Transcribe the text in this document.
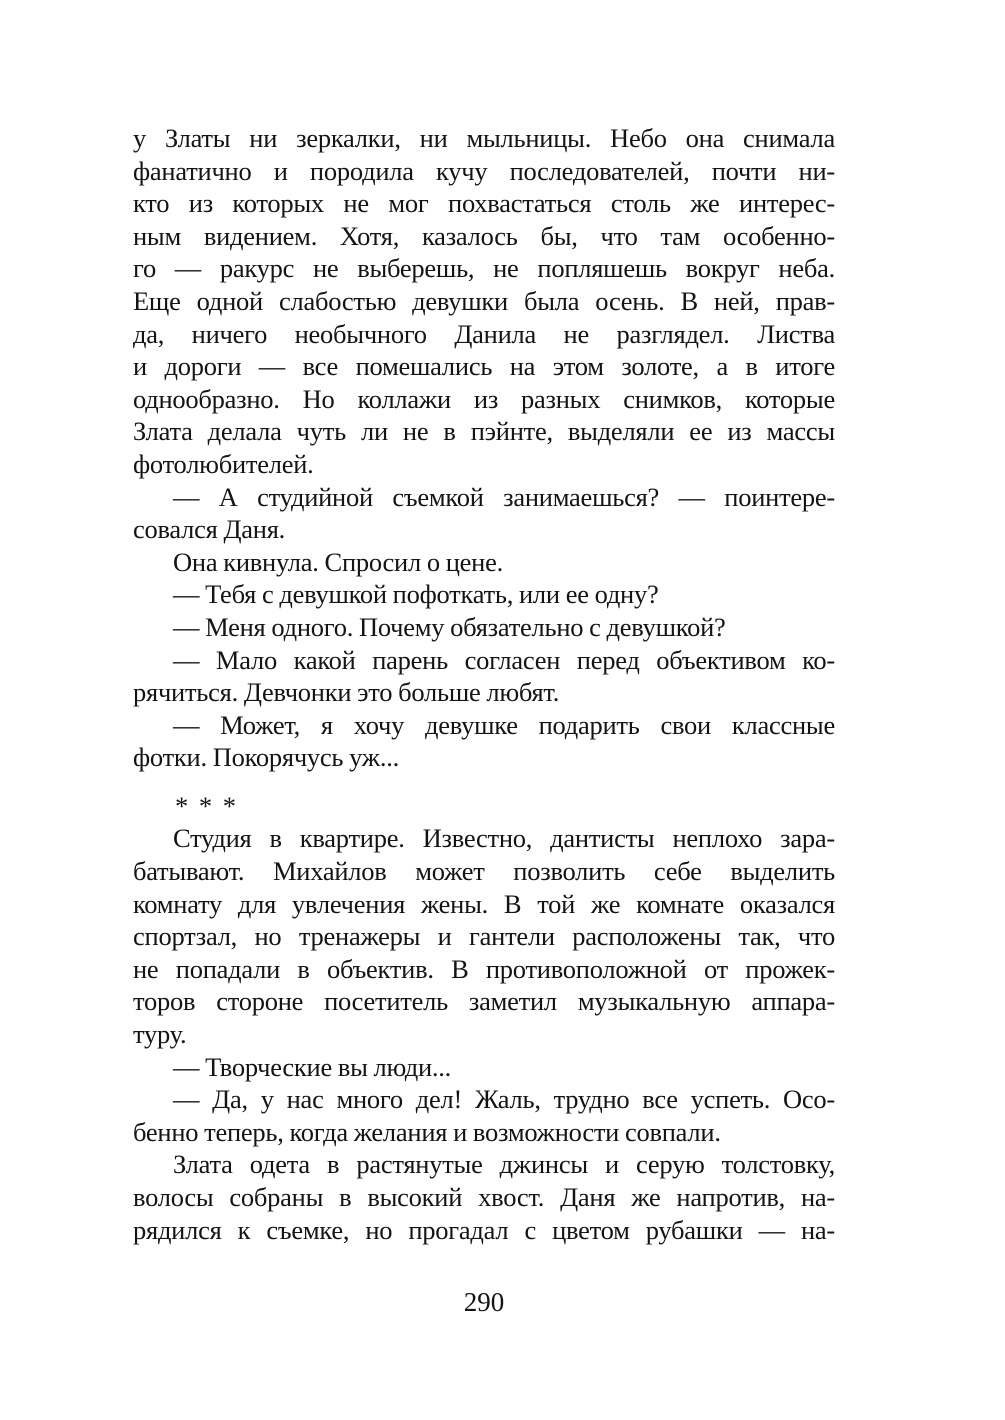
у Златы ни зеркалки, ни мыльницы. Небо она снимала
фанатично и породила кучу последователей, почти ни-
кто из которых не мог похвастаться столь же интерес-
ным видением. Хотя, казалось бы, что там особенно-
го — ракурс не выберешь, не попляшешь вокруг неба.
Еще одной слабостью девушки была осень. В ней, прав-
да, ничего необычного Данила не разглядел. Листва
и дороги — все помешались на этом золоте, а в итоге
однообразно. Но коллажи из разных снимков, которые
Злата делала чуть ли не в пэйнте, выделяли ее из массы
фотолюбителей.
— А студийной съемкой занимаешься? — поинтере-
совался Даня.
Она кивнула. Спросил о цене.
— Тебя с девушкой пофоткать, или ее одну?
— Меня одного. Почему обязательно с девушкой?
— Мало какой парень согласен перед объективом ко-
рячиться. Девчонки это больше любят.
— Может, я хочу девушке подарить свои классные
фотки. Покорячусь уж...
* * *
Студия в квартире. Известно, дантисты неплохо зара-
батывают. Михайлов может позволить себе выделить
комнату для увлечения жены. В той же комнате оказался
спортзал, но тренажеры и гантели расположены так, что
не попадали в объектив. В противоположной от прожек-
торов стороне посетитель заметил музыкальную аппара-
туру.
— Творческие вы люди...
— Да, у нас много дел! Жаль, трудно все успеть. Осо-
бенно теперь, когда желания и возможности совпали.
Злата одета в растянутые джинсы и серую толстовку,
волосы собраны в высокий хвост. Даня же напротив, на-
рядился к съемке, но прогадал с цветом рубашки — на-
290
